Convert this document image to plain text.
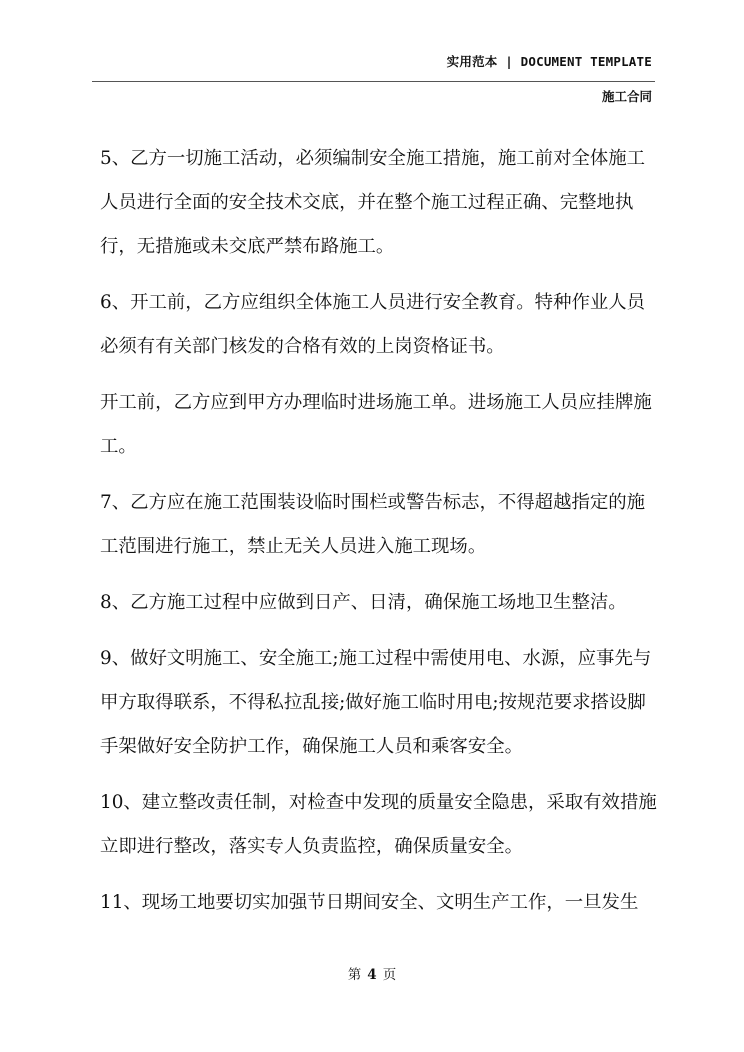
实用范本 | DOCUMENT TEMPLATE
施工合同

5、乙方一切施工活动，必须编制安全施工措施，施工前对全体施工人员进行全面的安全技术交底，并在整个施工过程正确、完整地执行，无措施或未交底严禁布路施工。

6、开工前，乙方应组织全体施工人员进行安全教育。特种作业人员必须有有关部门核发的合格有效的上岗资格证书。

开工前，乙方应到甲方办理临时进场施工单。进场施工人员应挂牌施工。

7、乙方应在施工范围装设临时围栏或警告标志，不得超越指定的施工范围进行施工，禁止无关人员进入施工现场。

8、乙方施工过程中应做到日产、日清，确保施工场地卫生整洁。

9、做好文明施工、安全施工;施工过程中需使用电、水源，应事先与甲方取得联系，不得私拉乱接;做好施工临时用电;按规范要求搭设脚手架做好安全防护工作，确保施工人员和乘客安全。

10、建立整改责任制，对检查中发现的质量安全隐患，采取有效措施立即进行整改，落实专人负责监控，确保质量安全。

11、现场工地要切实加强节日期间安全、文明生产工作，一旦发生

第 4 页
